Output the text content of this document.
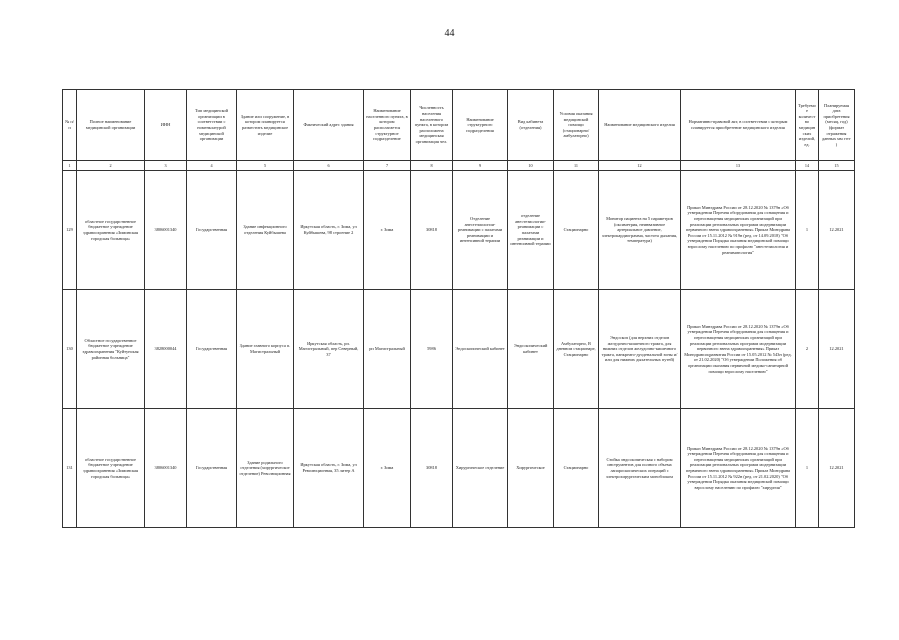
44
№ п/п	Полное наименование медицинской организации	ИНН	Тип медицинской организации в соответствии с номенклатурой медицинской организации	Здание или сооружение, в котором планируется разместить медицинское изделие	Фактический адрес здания	Наименование населенного пункта, в котором располагается структурное подразделение	Численность населения населенного пункта, в котором расположена медицинская организация чел.	Наименование структурного подразделения	Вид кабинета (отделения)	Условия оказания медицинской помощи (стационарно/амбулаторно)	Наименование медицинского изделия	Нормативно-правовой акт, в соответствии с которым планируется приобретение медицинского изделия	Требуемое количество медицинских изделий, ед.	Планируемая дата приобретения (месяц, год) (формат отражения данных мм гггг )
1	2	3	4	5	6	7	8	9	10	11	12	13	14	15
129	областное государственное бюджетное учреждение здравоохранения «Зиминская городская больница»	3806001340	Государственная	Здание инфекционного отделения Куйбышева	Иркутская область, г. Зима, ул Куйбышева, 98 строение 2	г. Зима	30818	Отделение анестезиологии-реанимации с палатами реанимации и интенсивной терапии	отделение анестезиологии-реанимации с палатами реанимации и интенсивной терапии	Стационарно	Монитор пациента на 5 параметров (оксиметрия, неинвазивное артериальное давление, электрокардиограмма, частота дыхания, температура)	Приказ Минздрава России от 28.12.2020 № 1379н «Об утверждении Перечня оборудования для оснащения и переоснащения медицинских организаций при реализации региональных программ модернизации первичного звена здравоохранения» Приказ Минздрава России от 15.11.2012 № 919н (ред. от 14.09.2018) "Об утверждении Порядка оказания медицинской помощи взрослому населению по профилю "анестезиология и реаниматология"	1	12.2021
130	Областное государственное бюджетное учреждение здравоохранения "Куйтунская районная больница"	3828000044	Государственная	Здание главного корпуса п. Магистральный	Иркутская область, рп. Магистральный, пер Северный, 37	рп Магистральный	5986	Эндоскопический кабинет	Эндоскопический кабинет	Амбулаторно, В дневном стационаре, Стационарно	Эндоскоп (для верхних отделов желудочно-кишечного тракта, для нижних отделов желудочно-кишечного тракта, панкреато-дуоденальной зоны и/или для нижних дыхательных путей)	Приказ Минздрава России от 28.12.2020 № 1379н «Об утверждении Перечня оборудования для оснащения и переоснащения медицинских организаций при реализации региональных программ модернизации первичного звена здравоохранения» Приказ Минздравсоцразвития России от 15.05.2012 № 543н (ред. от 21.02.2020) "Об утверждении Положения об организации оказания первичной медико-санитарной помощи взрослому населению"	2	12.2021
131	областное государственное бюджетное учреждение здравоохранения «Зиминская городская больница»	3806001340	Государственная	Здание родильного отделения (хирургическое отделение) Революционная	Иркутская область, г. Зима, ул Революционная, 35 литер А	г. Зима	30818	Хирургическое отделение	Хирургическое	Стационарно	Стойка эндоскопическая с набором инструментов для полного объема лапароскопических операций с электрохирургическим моноблоком	Приказ Минздрава России от 28.12.2020 № 1379н «Об утверждении Перечня оборудования для оснащения и переоснащения медицинских организаций при реализации региональных программ модернизации первичного звена здравоохранения» Приказ Минздрава России от 15.11.2012 № 922н (ред. от 21.02.2020) "Об утверждении Порядка оказания медицинской помощи взрослому населению по профилю "хирургия"	1	12.2021
